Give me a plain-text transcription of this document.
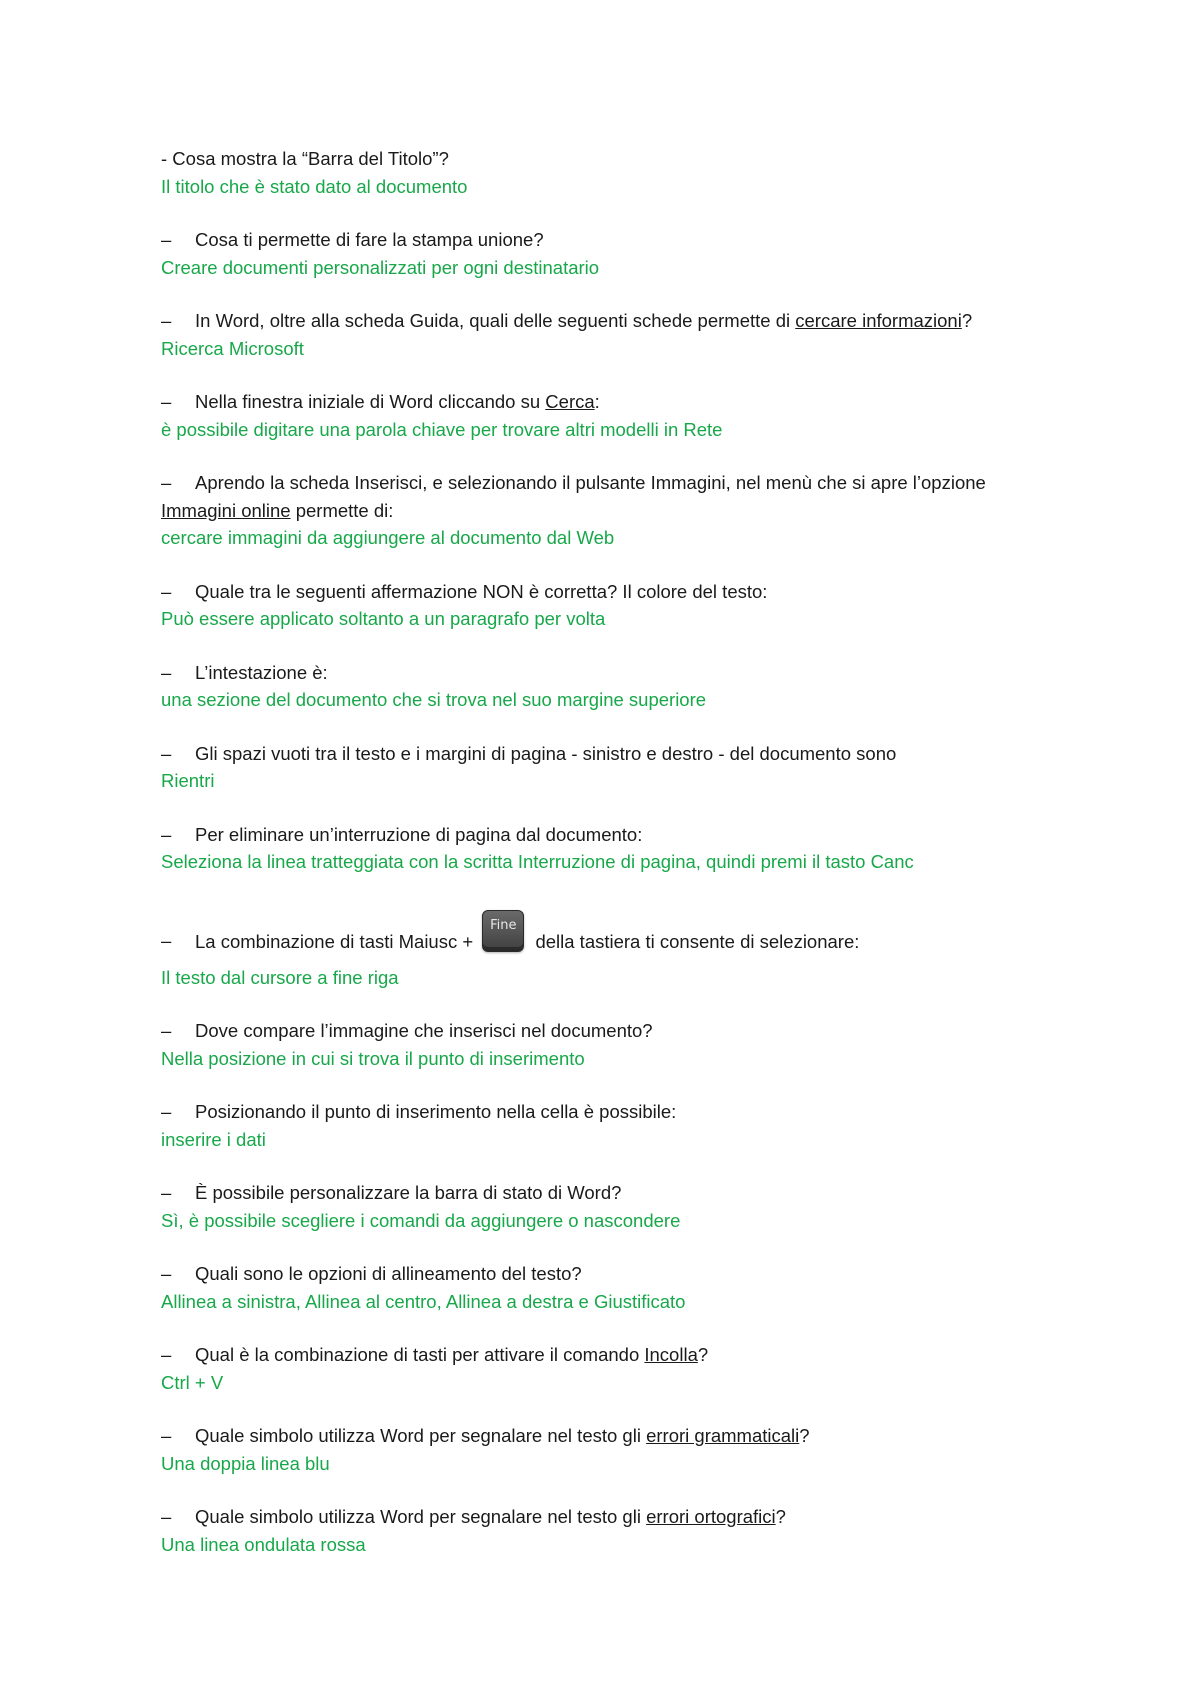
- Cosa mostra la “Barra del Titolo”?
Il titolo che è stato dato al documento
– Cosa ti permette di fare la stampa unione?
Creare documenti personalizzati per ogni destinatario
– In Word, oltre alla scheda Guida, quali delle seguenti schede permette di cercare informazioni?
Ricerca Microsoft
– Nella finestra iniziale di Word cliccando su Cerca:
è possibile digitare una parola chiave per trovare altri modelli in Rete
– Aprendo la scheda Inserisci, e selezionando il pulsante Immagini, nel menù che si apre l’opzione
Immagini online permette di:
cercare immagini da aggiungere al documento dal Web
– Quale tra le seguenti affermazione NON è corretta? Il colore del testo:
Può essere applicato soltanto a un paragrafo per volta
– L’intestazione è:
una sezione del documento che si trova nel suo margine superiore
– Gli spazi vuoti tra il testo e i margini di pagina - sinistro e destro - del documento sono
Rientri
– Per eliminare un’interruzione di pagina dal documento:
Seleziona la linea tratteggiata con la scritta Interruzione di pagina, quindi premi il tasto Canc
– La combinazione di tasti Maiusc +
Fine
della tastiera ti consente di selezionare:
Il testo dal cursore a fine riga
– Dove compare l’immagine che inserisci nel documento?
Nella posizione in cui si trova il punto di inserimento
– Posizionando il punto di inserimento nella cella è possibile:
inserire i dati
– È possibile personalizzare la barra di stato di Word?
Sì, è possibile scegliere i comandi da aggiungere o nascondere
– Quali sono le opzioni di allineamento del testo?
Allinea a sinistra, Allinea al centro, Allinea a destra e Giustificato
– Qual è la combinazione di tasti per attivare il comando Incolla?
Ctrl + V
– Quale simbolo utilizza Word per segnalare nel testo gli errori grammaticali?
Una doppia linea blu
– Quale simbolo utilizza Word per segnalare nel testo gli errori ortografici?
Una linea ondulata rossa
